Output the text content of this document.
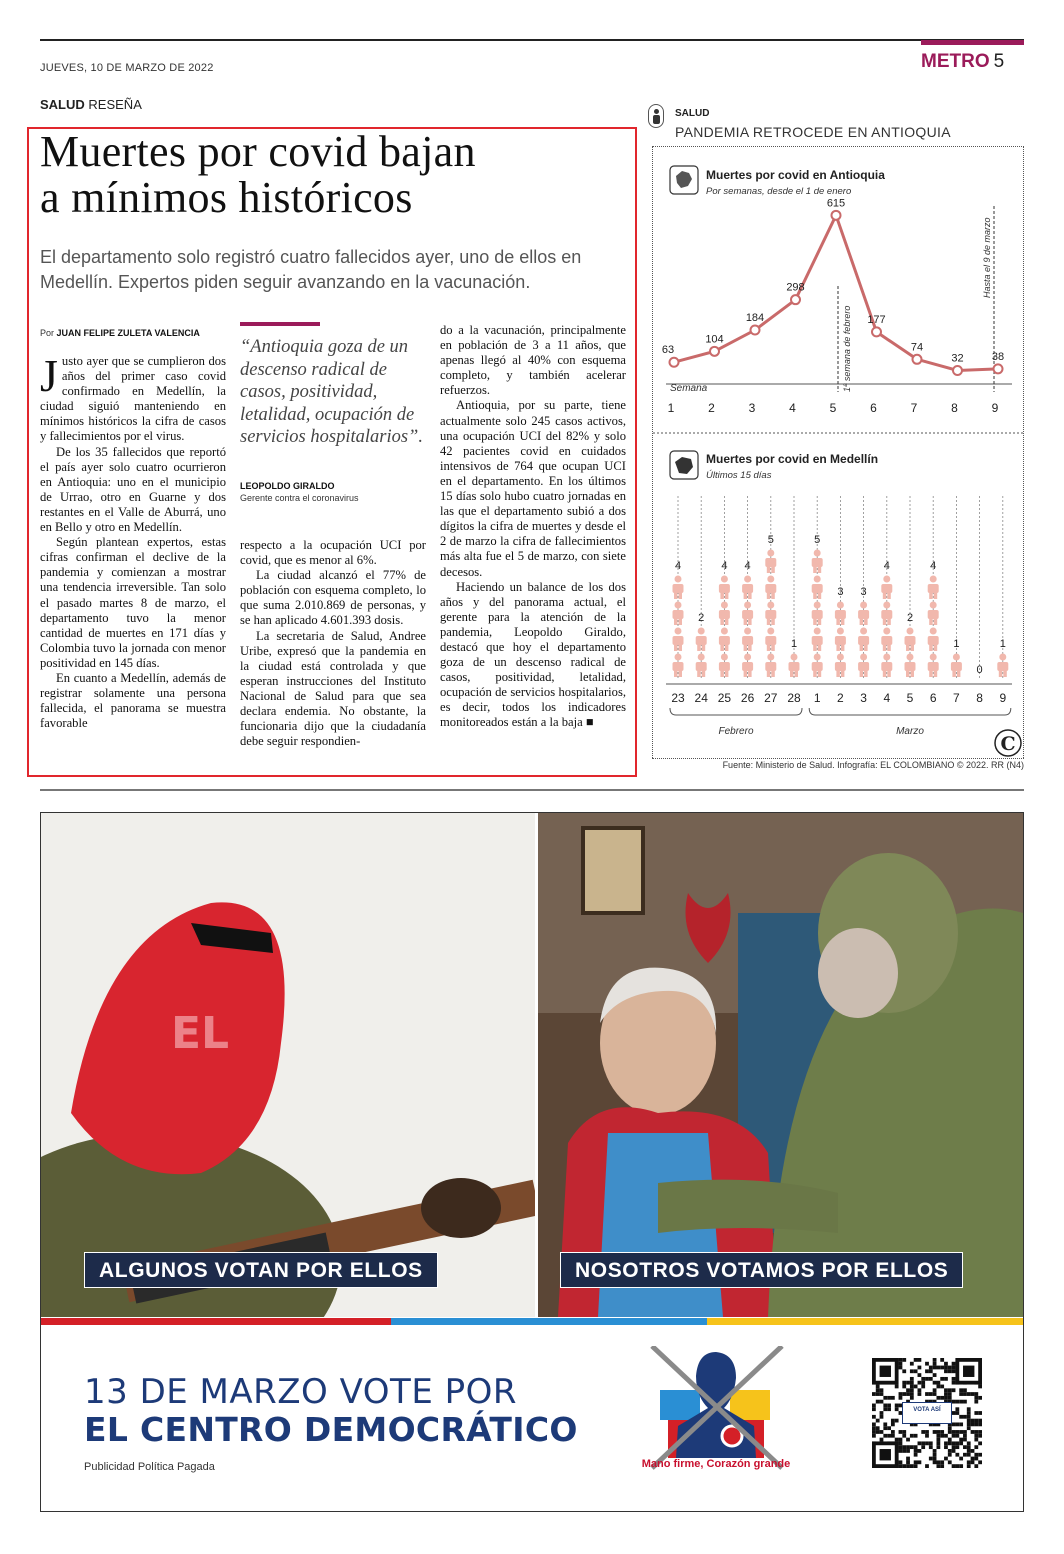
JUEVES, 10 DE MARZO DE 2022	METRO 5
SALUD RESEÑA
Muertes por covid bajan
a mínimos históricos
El departamento solo registró cuatro fallecidos ayer, uno de ellos en Medellín. Expertos piden seguir avanzando en la vacunación.
Por JUAN FELIPE ZULETA VALENCIA

Justo ayer que se cumplieron dos años del primer caso covid confirmado en Medellín, la ciudad siguió manteniendo en mínimos históricos la cifra de casos y fallecimientos por el virus.

De los 35 fallecidos que reportó el país ayer solo cuatro ocurrieron en Antioquia: uno en el municipio de Urrao, otro en Guarne y dos restantes en el Valle de Aburrá, uno en Bello y otro en Medellín.

Según plantean expertos, estas cifras confirman el declive de la pandemia y comienzan a mostrar una tendencia irreversible. Tan solo el pasado martes 8 de marzo, el departamento tuvo la menor cantidad de muertes en 171 días y Colombia tuvo la jornada con menor positividad en 145 días.

En cuanto a Medellín, además de registrar solamente una persona fallecida, el panorama se muestra favorable

“Antioquia goza de un descenso radical de casos, positividad, letalidad, ocupación de servicios hospitalarios”.
LEOPOLDO GIRALDO
Gerente contra el coronavirus

respecto a la ocupación UCI por covid, que es menor al 6%.

La ciudad alcanzó el 77% de población con esquema completo, lo que suma 2.010.869 de personas, y se han aplicado 4.601.393 dosis.

La secretaria de Salud, Andree Uribe, expresó que la pandemia en la ciudad está controlada y que esperan instrucciones del Instituto Nacional de Salud para que sea declara endemia. No obstante, la funcionaria dijo que la ciudadanía debe seguir respondien-

do a la vacunación, principalmente en población de 3 a 11 años, que apenas llegó al 40% con esquema completo, y también acelerar refuerzos.

Antioquia, por su parte, tiene actualmente solo 245 casos activos, una ocupación UCI del 82% y solo 42 pacientes covid en cuidados intensivos de 764 que ocupan UCI en el departamento. En los últimos 15 días solo hubo cuatro jornadas en las que el departamento subió a dos dígitos la cifra de muertes y desde el 2 de marzo la cifra de fallecimientos más alta fue el 5 de marzo, con siete decesos.

Haciendo un balance de los dos años y del panorama actual, el gerente para la atención de la pandemia, Leopoldo Giraldo, destacó que hoy el departamento goza de un descenso radical de casos, positividad, letalidad, ocupación de servicios hospitalarios, es decir, todos los indicadores monitoreados están a la baja ■

SALUD
PANDEMIA RETROCEDE EN ANTIOQUIA
Muertes por covid en Antioquia
Por semanas, desde el 1 de enero
1ª semana de febrero
Hasta el 9 de marzo
63
1
104
2
184
3
298
4
615
5
177
6
74
7
32
8
38
9
Semana
Muertes por covid en Medellín
Últimos 15 días
4
23
2
24
4
25
4
26
5
27
1
28
5
1
3
2
3
3
4
4
2
5
4
6
1
7
0
8
1
9
Febrero	Marzo
C
Fuente: Ministerio de Salud. Infografía: EL COLOMBIANO © 2022. RR (N4)
EL
ALGUNOS VOTAN POR ELLOS	NOSOTROS VOTAMOS POR ELLOS
13 DE MARZO VOTE POR
EL CENTRO DEMOCRÁTICO
Publicidad Política Pagada	Mano firme, Corazón grande
VOTA ASÍ
